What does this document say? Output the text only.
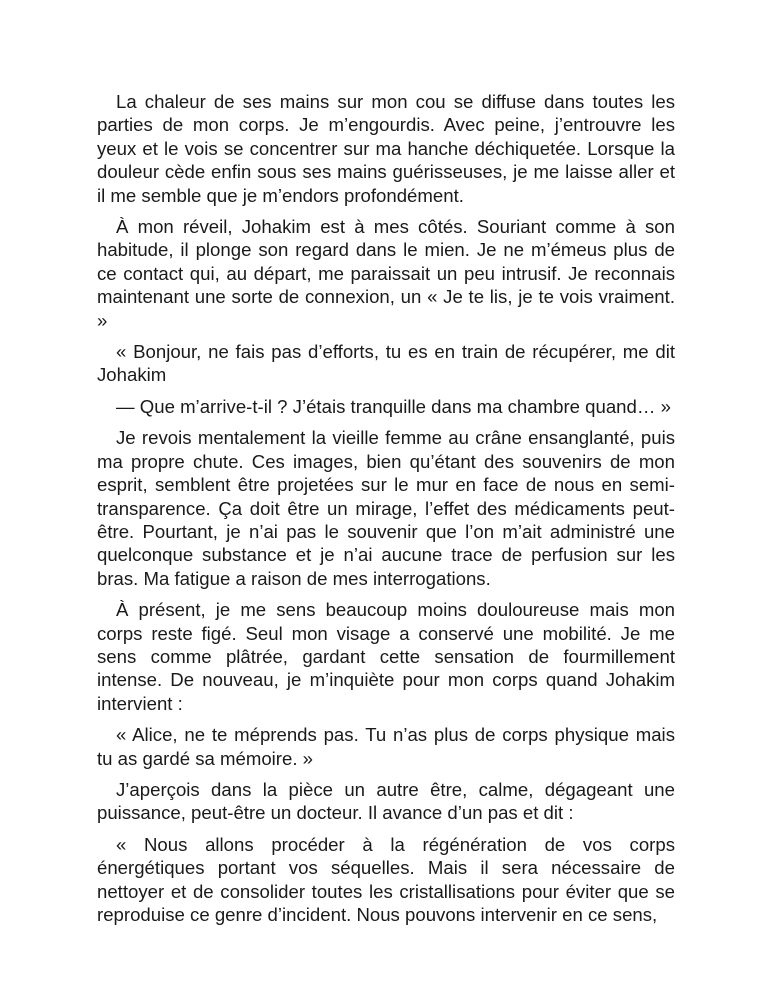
La chaleur de ses mains sur mon cou se diffuse dans toutes les parties de mon corps. Je m’engourdis. Avec peine, j’entrouvre les yeux et le vois se concentrer sur ma hanche déchiquetée. Lorsque la douleur cède enfin sous ses mains guérisseuses, je me laisse aller et il me semble que je m’endors profondément.

À mon réveil, Johakim est à mes côtés. Souriant comme à son habitude, il plonge son regard dans le mien. Je ne m’émeus plus de ce contact qui, au départ, me paraissait un peu intrusif. Je reconnais maintenant une sorte de connexion, un « Je te lis, je te vois vraiment. »

« Bonjour, ne fais pas d’efforts, tu es en train de récupérer, me dit Johakim

— Que m’arrive-t-il ? J’étais tranquille dans ma chambre quand… »

Je revois mentalement la vieille femme au crâne ensanglanté, puis ma propre chute. Ces images, bien qu’étant des souvenirs de mon esprit, semblent être projetées sur le mur en face de nous en semi-transparence. Ça doit être un mirage, l’effet des médicaments peut-être. Pourtant, je n’ai pas le souvenir que l’on m’ait administré une quelconque substance et je n’ai aucune trace de perfusion sur les bras. Ma fatigue a raison de mes interrogations.

À présent, je me sens beaucoup moins douloureuse mais mon corps reste figé. Seul mon visage a conservé une mobilité. Je me sens comme plâtrée, gardant cette sensation de fourmillement intense. De nouveau, je m’inquiète pour mon corps quand Johakim intervient :

« Alice, ne te méprends pas. Tu n’as plus de corps physique mais tu as gardé sa mémoire. »

J’aperçois dans la pièce un autre être, calme, dégageant une puissance, peut-être un docteur. Il avance d’un pas et dit :

« Nous allons procéder à la régénération de vos corps énergétiques portant vos séquelles. Mais il sera nécessaire de nettoyer et de consolider toutes les cristallisations pour éviter que se reproduise ce genre d’incident. Nous pouvons intervenir en ce sens,
